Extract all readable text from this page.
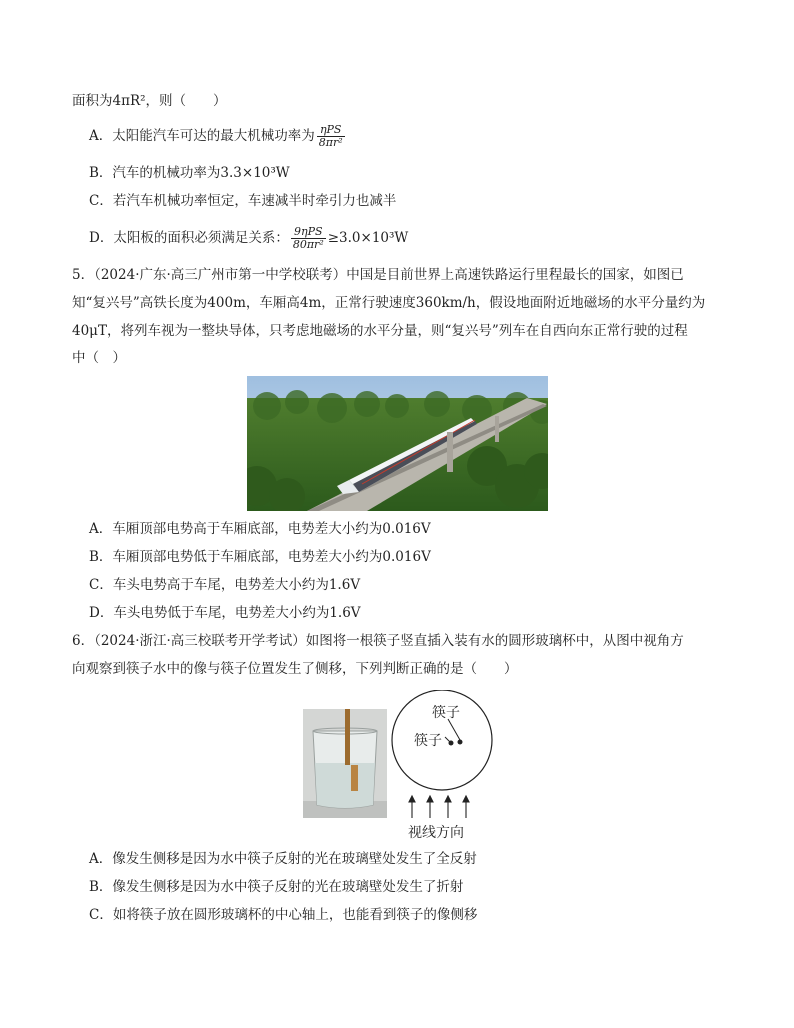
面积为4πR²，则（　　）
A．太阳能汽车可达的最大机械功率为 $\frac{\text{ηPS}}{\text{8πr²}}$
B．汽车的机械功率为3.3×10³W
C．若汽车机械功率恒定，车速减半时牵引力也减半
D．太阳板的面积必须满足关系： $\frac{\text{9ηPS}}{\text{80πr²}} \ge 3.0\times 10^3W$
5．（2024·广东·高三广州市第一中学校联考）中国是目前世界上高速铁路运行里程最长的国家，如图已
知“复兴号”高铁长度为400m，车厢高4m，正常行驶速度360km/h，假设地面附近地磁场的水平分量约为
40μT，将列车视为一整块导体，只考虑地磁场的水平分量，则“复兴号”列车在自西向东正常行驶的过程
中（　）
A．车厢顶部电势高于车厢底部，电势差大小约为0.016V
B．车厢顶部电势低于车厢底部，电势差大小约为0.016V
C．车头电势高于车尾，电势差大小约为1.6V
D．车头电势低于车尾，电势差大小约为1.6V
6．（2024·浙江·高三校联考开学考试）如图将一根筷子竖直插入装有水的圆形玻璃杯中，从图中视角方
向观察到筷子水中的像与筷子位置发生了侧移，下列判断正确的是（　　）
筷子
筷子
视线方向
A．像发生侧移是因为水中筷子反射的光在玻璃壁处发生了全反射
B．像发生侧移是因为水中筷子反射的光在玻璃壁处发生了折射
C．如将筷子放在圆形玻璃杯的中心轴上，也能看到筷子的像侧移
